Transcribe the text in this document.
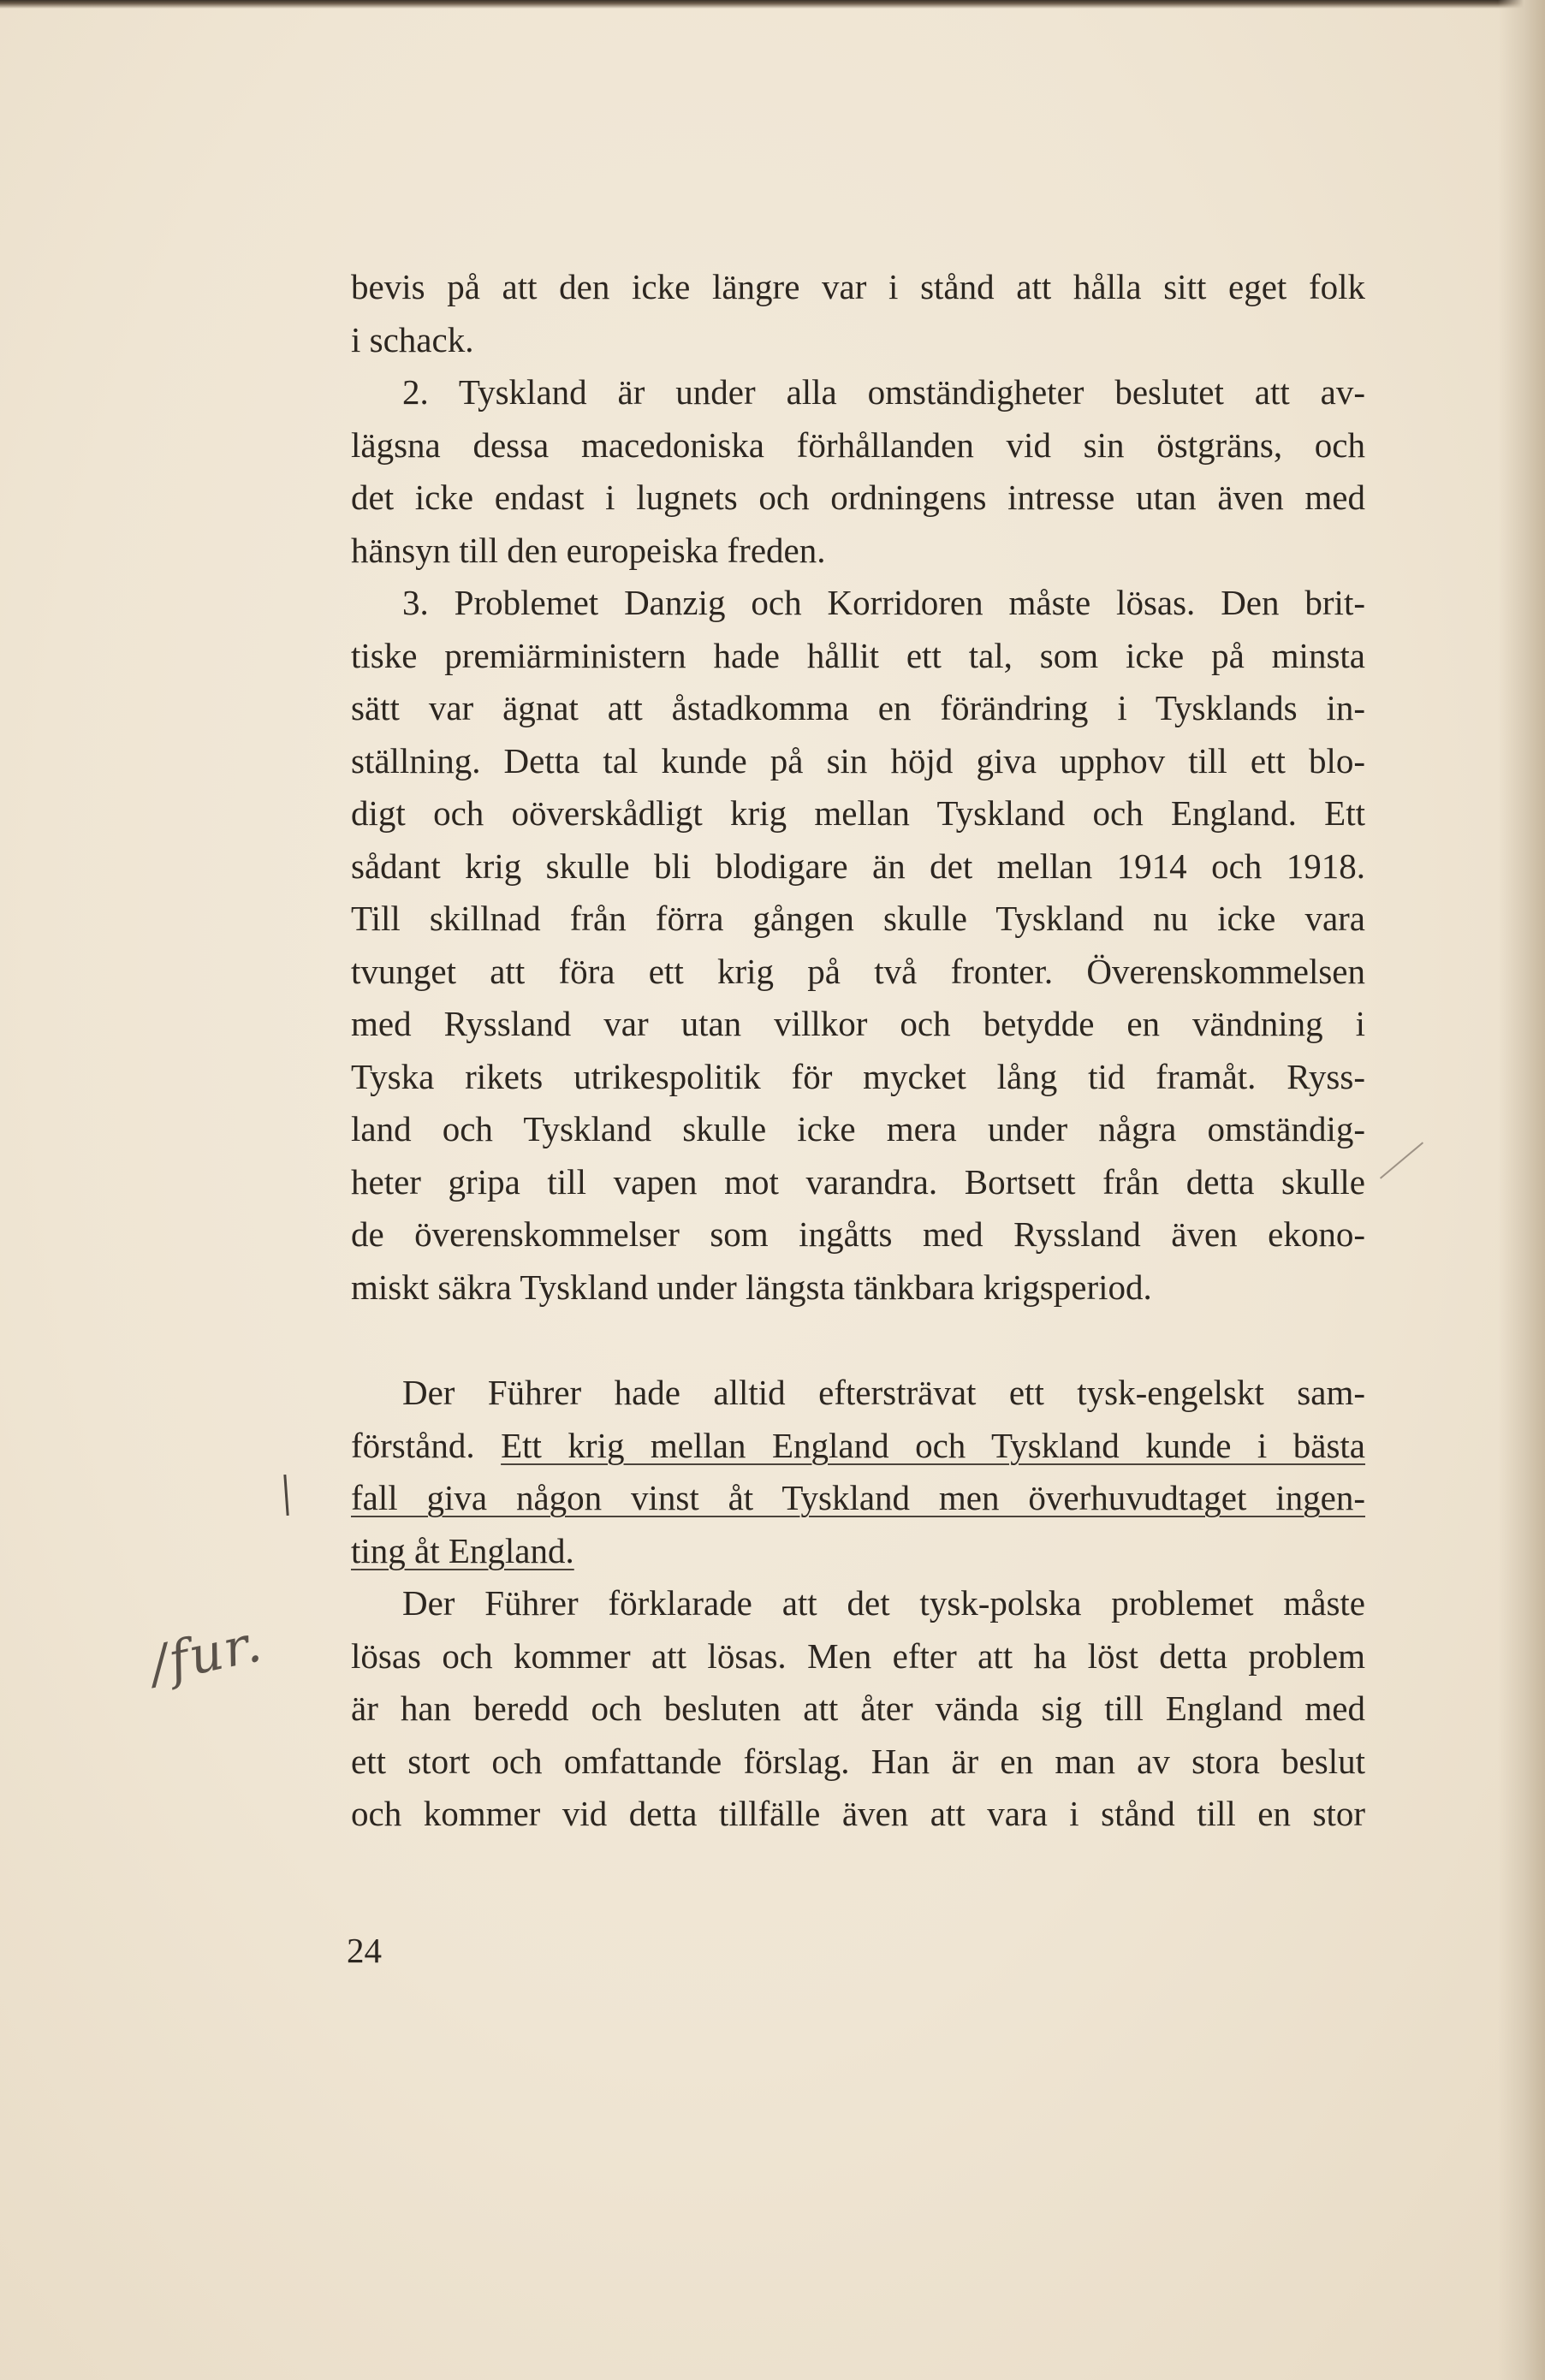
bevis på att den icke längre var i stånd att hålla sitt eget folk
i schack.
2. Tyskland är under alla omständigheter beslutet att av-
lägsna dessa macedoniska förhållanden vid sin östgräns, och
det icke endast i lugnets och ordningens intresse utan även med
hänsyn till den europeiska freden.
3. Problemet Danzig och Korridoren måste lösas. Den brit-
tiske premiärministern hade hållit ett tal, som icke på minsta
sätt var ägnat att åstadkomma en förändring i Tysklands in-
ställning. Detta tal kunde på sin höjd giva upphov till ett blo-
digt och oöverskådligt krig mellan Tyskland och England. Ett
sådant krig skulle bli blodigare än det mellan 1914 och 1918.
Till skillnad från förra gången skulle Tyskland nu icke vara
tvunget att föra ett krig på två fronter. Överenskommelsen
med Ryssland var utan villkor och betydde en vändning i
Tyska rikets utrikespolitik för mycket lång tid framåt. Ryss-
land och Tyskland skulle icke mera under några omständig-
heter gripa till vapen mot varandra. Bortsett från detta skulle
de överenskommelser som ingåtts med Ryssland även ekono-
miskt säkra Tyskland under längsta tänkbara krigsperiod.
Der Führer hade alltid eftersträvat ett tysk-engelskt sam-
förstånd. Ett krig mellan England och Tyskland kunde i bästa
fall giva någon vinst åt Tyskland men överhuvudtaget ingen-
ting åt England.
Der Führer förklarade att det tysk-polska problemet måste
lösas och kommer att lösas. Men efter att ha löst detta problem
är han beredd och besluten att åter vända sig till England med
ett stort och omfattande förslag. Han är en man av stora beslut
och kommer vid detta tillfälle även att vara i stånd till en stor
24
/fur.
